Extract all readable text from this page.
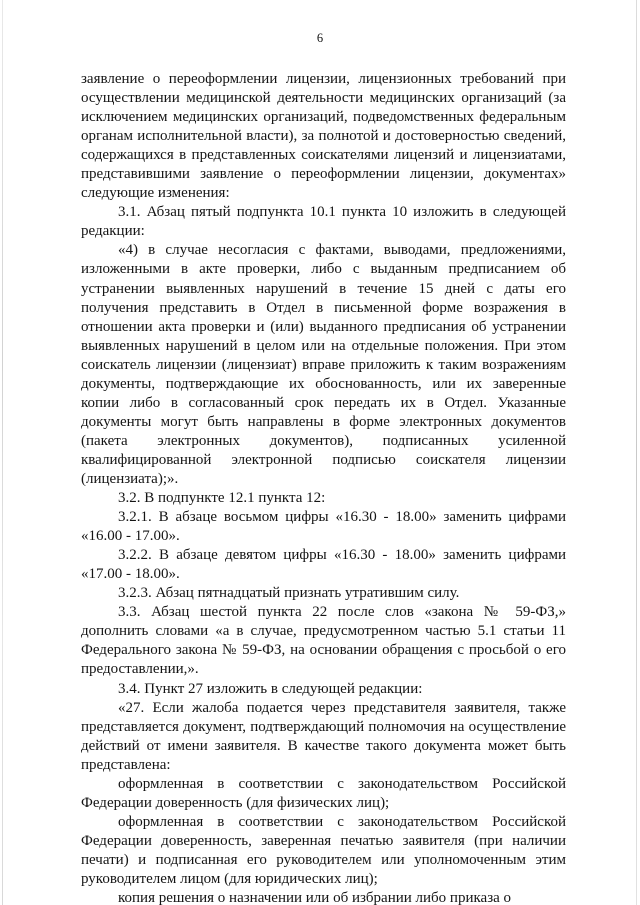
6

заявление о переоформлении лицензии, лицензионных требований при осуществлении медицинской деятельности медицинских организаций (за исключением медицинских организаций, подведомственных федеральным органам исполнительной власти), за полнотой и достоверностью сведений, содержащихся в представленных соискателями лицензий и лицензиатами, представившими заявление о переоформлении лицензии, документах» следующие изменения:

3.1. Абзац пятый подпункта 10.1 пункта 10 изложить в следующей редакции:

«4) в случае несогласия с фактами, выводами, предложениями, изложенными в акте проверки, либо с выданным предписанием об устранении выявленных нарушений в течение 15 дней с даты его получения представить в Отдел в письменной форме возражения в отношении акта проверки и (или) выданного предписания об устранении выявленных нарушений в целом или на отдельные положения. При этом соискатель лицензии (лицензиат) вправе приложить к таким возражениям документы, подтверждающие их обоснованность, или их заверенные копии либо в согласованный срок передать их в Отдел. Указанные документы могут быть направлены в форме электронных документов (пакета электронных документов), подписанных усиленной квалифицированной электронной подписью соискателя лицензии (лицензиата);».

3.2. В подпункте 12.1 пункта 12:

3.2.1. В абзаце восьмом цифры «16.30 - 18.00» заменить цифрами «16.00 - 17.00».

3.2.2. В абзаце девятом цифры «16.30 - 18.00» заменить цифрами «17.00 - 18.00».

3.2.3. Абзац пятнадцатый признать утратившим силу.

3.3. Абзац шестой пункта 22 после слов «закона № 59-ФЗ,» дополнить словами «а в случае, предусмотренном частью 5.1 статьи 11 Федерального закона № 59-ФЗ, на основании обращения с просьбой о его предоставлении,».

3.4. Пункт 27 изложить в следующей редакции:

«27. Если жалоба подается через представителя заявителя, также представляется документ, подтверждающий полномочия на осуществление действий от имени заявителя. В качестве такого документа может быть представлена:

оформленная в соответствии с законодательством Российской Федерации доверенность (для физических лиц);

оформленная в соответствии с законодательством Российской Федерации доверенность, заверенная печатью заявителя (при наличии печати) и подписанная его руководителем или уполномоченным этим руководителем лицом (для юридических лиц);

копия решения о назначении или об избрании либо приказа о
